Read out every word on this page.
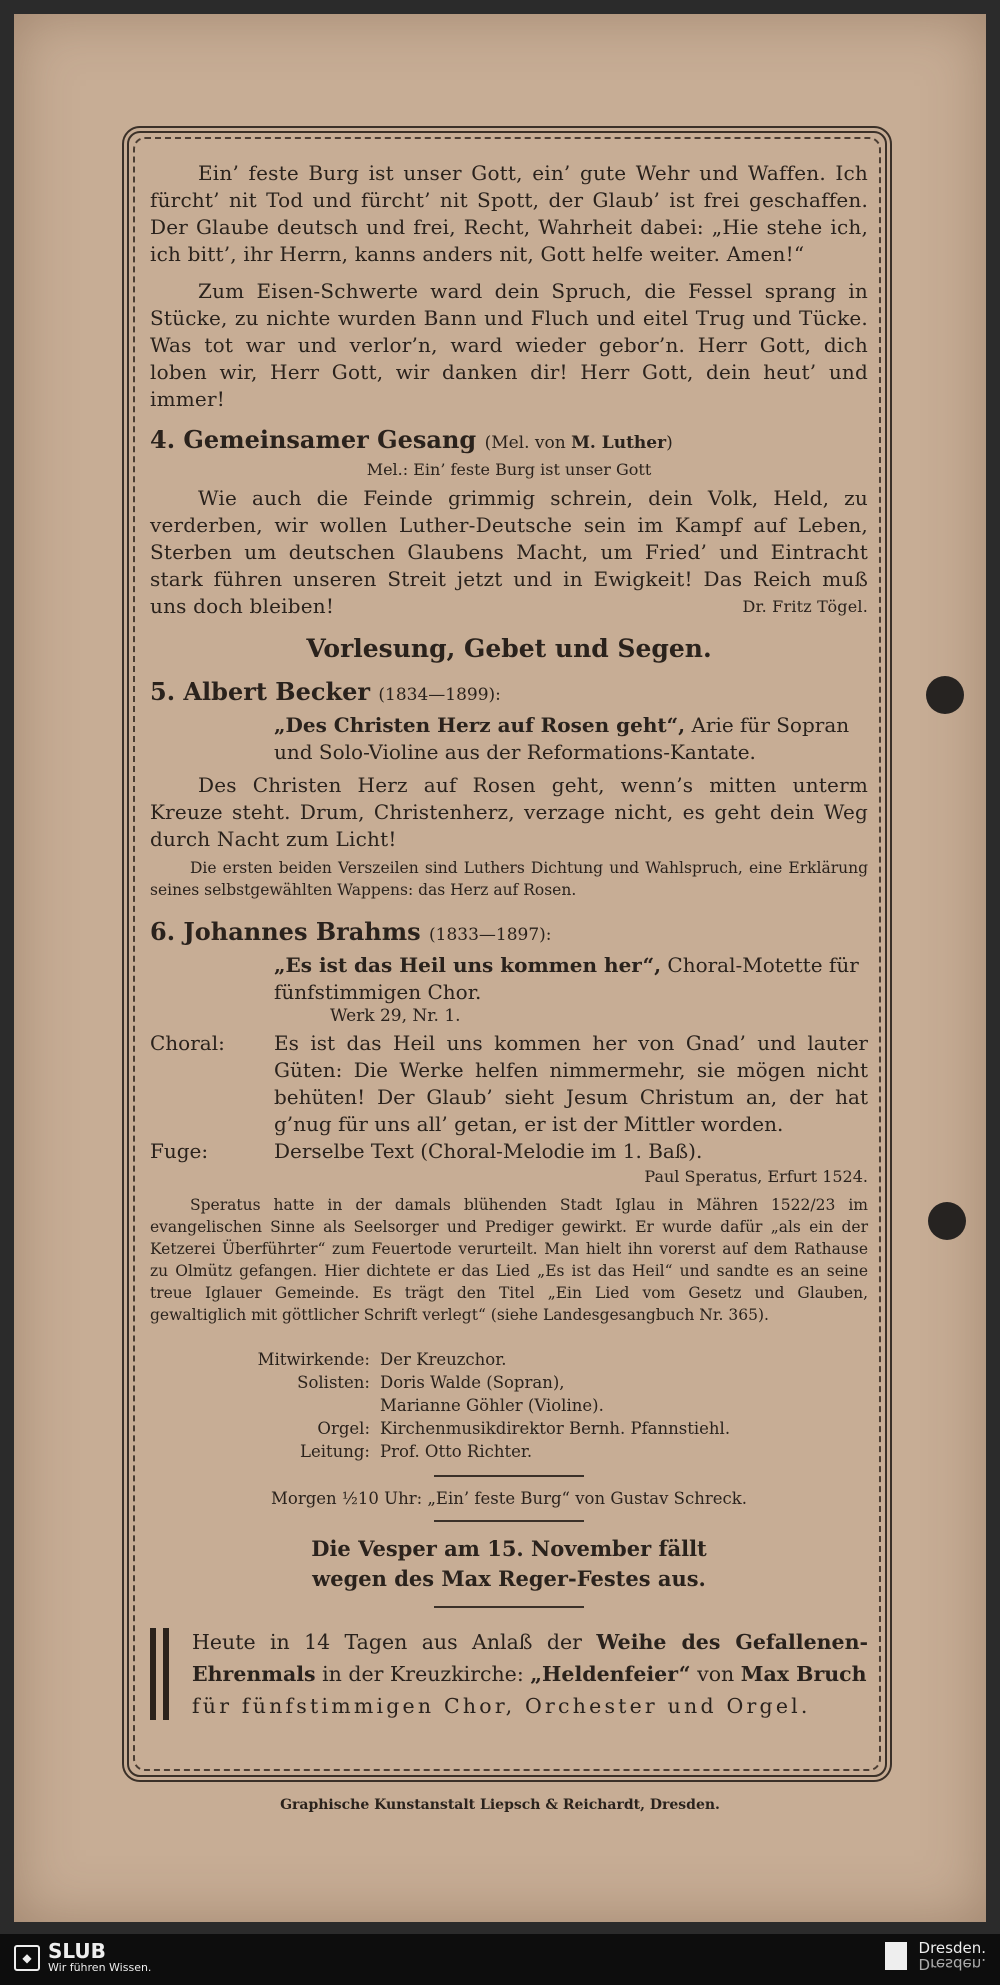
Ein’ feste Burg ist unser Gott, ein’ gute Wehr und Waffen. Ich fürcht’ nit Tod und fürcht’ nit Spott, der Glaub’ ist frei geschaffen. Der Glaube deutsch und frei, Recht, Wahrheit dabei: „Hie stehe ich, ich bitt’, ihr Herrn, kanns anders nit, Gott helfe weiter. Amen!“

Zum Eisen-Schwerte ward dein Spruch, die Fessel sprang in Stücke, zu nichte wurden Bann und Fluch und eitel Trug und Tücke. Was tot war und verlor’n, ward wieder gebor’n. Herr Gott, dich loben wir, Herr Gott, wir danken dir! Herr Gott, dein heut’ und immer!

4. Gemeinsamer Gesang (Mel. von M. Luther)

Mel.: Ein’ feste Burg ist unser Gott

Wie auch die Feinde grimmig schrein, dein Volk, Held, zu verderben, wir wollen Luther-Deutsche sein im Kampf auf Leben, Sterben um deutschen Glaubens Macht, um Fried’ und Eintracht stark führen unseren Streit jetzt und in Ewigkeit! Das Reich muß uns doch bleiben!	Dr. Fritz Tögel.

Vorlesung, Gebet und Segen.

5. Albert Becker (1834—1899):

„Des Christen Herz auf Rosen geht“, Arie für Sopran und Solo-Violine aus der Reformations-Kantate.

Des Christen Herz auf Rosen geht, wenn’s mitten unterm Kreuze steht. Drum, Christenherz, verzage nicht, es geht dein Weg durch Nacht zum Licht!

Die ersten beiden Verszeilen sind Luthers Dichtung und Wahlspruch, eine Erklärung seines selbstgewählten Wappens: das Herz auf Rosen.

6. Johannes Brahms (1833—1897):

„Es ist das Heil uns kommen her“, Choral-Motette für fünfstimmigen Chor.

Werk 29, Nr. 1.

Choral:	Es ist das Heil uns kommen her von Gnad’ und lauter Güten: Die Werke helfen nimmermehr, sie mögen nicht behüten! Der Glaub’ sieht Jesum Christum an, der hat g’nug für uns all’ getan, er ist der Mittler worden.
Fuge:	Derselbe Text (Choral-Melodie im 1. Baß).

Paul Speratus, Erfurt 1524.

Speratus hatte in der damals blühenden Stadt Iglau in Mähren 1522/23 im evangelischen Sinne als Seelsorger und Prediger gewirkt. Er wurde dafür „als ein der Ketzerei Überführter“ zum Feuertode verurteilt. Man hielt ihn vorerst auf dem Rathause zu Olmütz gefangen. Hier dichtete er das Lied „Es ist das Heil“ und sandte es an seine treue Iglauer Gemeinde. Es trägt den Titel „Ein Lied vom Gesetz und Glauben, gewaltiglich mit göttlicher Schrift verlegt“ (siehe Landesgesangbuch Nr. 365).

Mitwirkende: Der Kreuzchor.
Solisten: Doris Walde (Sopran),
Marianne Göhler (Violine).
Orgel: Kirchenmusikdirektor Bernh. Pfannstiehl.
Leitung: Prof. Otto Richter.

Morgen ½10 Uhr: „Ein’ feste Burg“ von Gustav Schreck.

Die Vesper am 15. November fällt
wegen des Max Reger-Festes aus.

Heute in 14 Tagen aus Anlaß der Weihe des Gefallenen-Ehrenmals in der Kreuzkirche: „Heldenfeier“ von Max Bruch
für fünfstimmigen Chor, Orchester und Orgel.
Graphische Kunstanstalt Liepsch & Reichardt, Dresden.
◆ SLUB
Wir führen Wissen.
Dresden.
Dresden.
